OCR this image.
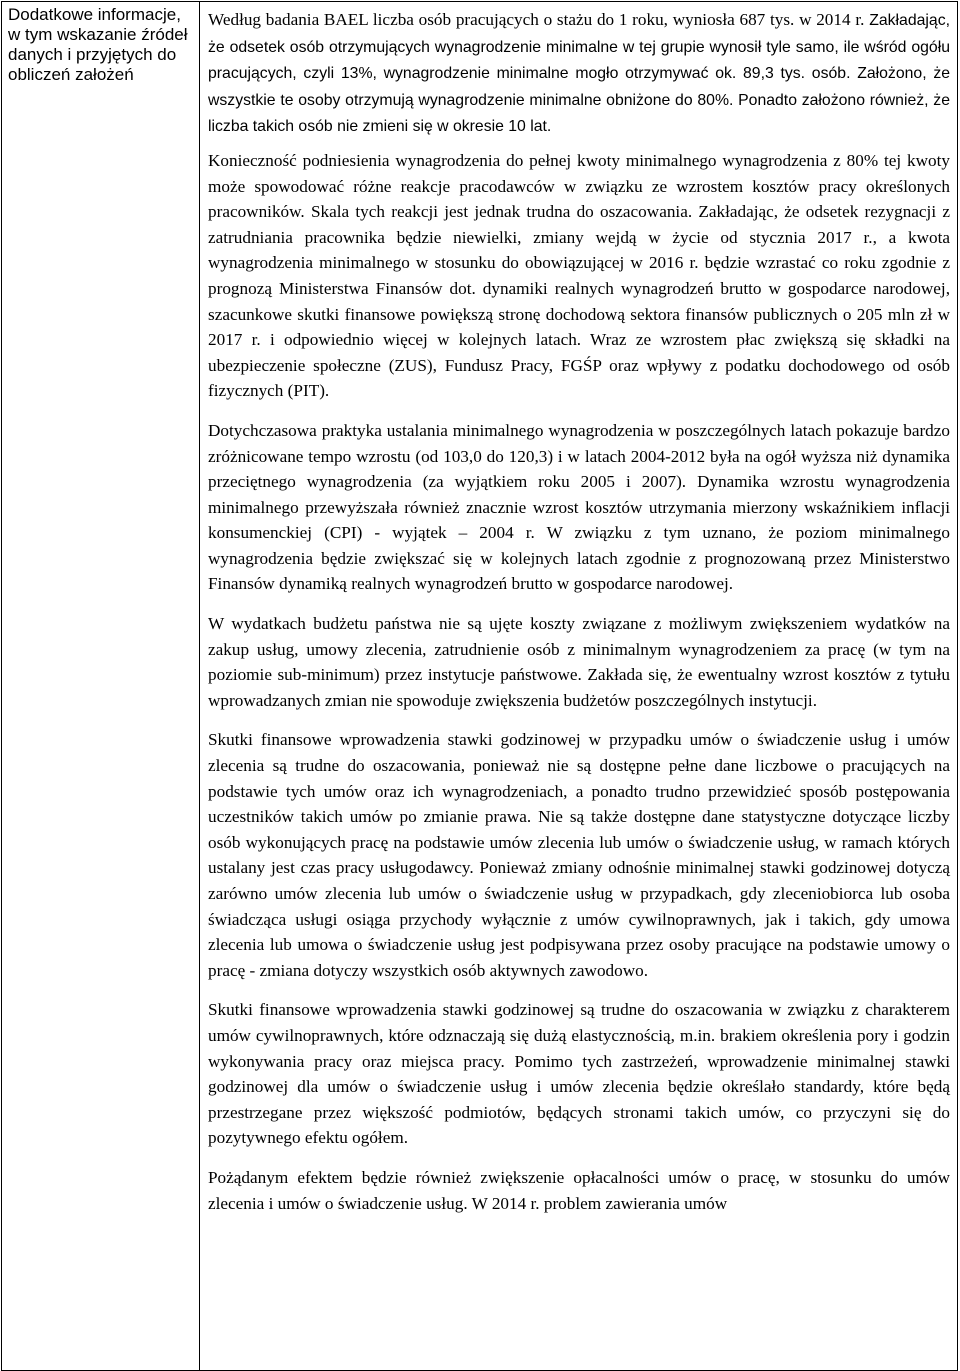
Dodatkowe informacje, w tym wskazanie źródeł danych i przyjętych do obliczeń założeń

Według badania BAEL liczba osób pracujących o stażu do 1 roku, wyniosła 687 tys. w 2014 r. Zakładając, że odsetek osób otrzymujących wynagrodzenie minimalne w tej grupie wynosił tyle samo, ile wśród ogółu pracujących, czyli 13%, wynagrodzenie minimalne mogło otrzymywać ok. 89,3 tys. osób. Założono, że wszystkie te osoby otrzymują wynagrodzenie minimalne obniżone do 80%. Ponadto założono również, że liczba takich osób nie zmieni się w okresie 10 lat.

Konieczność podniesienia wynagrodzenia do pełnej kwoty minimalnego wynagrodzenia z 80% tej kwoty może spowodować różne reakcje pracodawców w związku ze wzrostem kosztów pracy określonych pracowników. Skala tych reakcji jest jednak trudna do oszacowania. Zakładając, że odsetek rezygnacji z zatrudniania pracownika będzie niewielki, zmiany wejdą w życie od stycznia 2017 r., a kwota wynagrodzenia minimalnego w stosunku do obowiązującej w 2016 r. będzie wzrastać co roku zgodnie z prognozą Ministerstwa Finansów dot. dynamiki realnych wynagrodzeń brutto w gospodarce narodowej, szacunkowe skutki finansowe powiększą stronę dochodową sektora finansów publicznych o 205 mln zł w 2017 r. i odpowiednio więcej w kolejnych latach. Wraz ze wzrostem płac zwiększą się składki na ubezpieczenie społeczne (ZUS), Fundusz Pracy, FGŚP oraz wpływy z podatku dochodowego od osób fizycznych (PIT).

Dotychczasowa praktyka ustalania minimalnego wynagrodzenia w poszczególnych latach pokazuje bardzo zróżnicowane tempo wzrostu (od 103,0 do 120,3) i w latach 2004-2012 była na ogół wyższa niż dynamika przeciętnego wynagrodzenia (za wyjątkiem roku 2005 i 2007). Dynamika wzrostu wynagrodzenia minimalnego przewyższała również znacznie wzrost kosztów utrzymania mierzony wskaźnikiem inflacji konsumenckiej (CPI) - wyjątek – 2004 r. W związku z tym uznano, że poziom minimalnego wynagrodzenia będzie zwiększać się w kolejnych latach zgodnie z prognozowaną przez Ministerstwo Finansów dynamiką realnych wynagrodzeń brutto w gospodarce narodowej.

W wydatkach budżetu państwa nie są ujęte koszty związane z możliwym zwiększeniem wydatków na zakup usług, umowy zlecenia, zatrudnienie osób z minimalnym wynagrodzeniem za pracę (w tym na poziomie sub-minimum) przez instytucje państwowe. Zakłada się, że ewentualny wzrost kosztów z tytułu wprowadzanych zmian nie spowoduje zwiększenia budżetów poszczególnych instytucji.

Skutki finansowe wprowadzenia stawki godzinowej w przypadku umów o świadczenie usług i umów zlecenia są trudne do oszacowania, ponieważ nie są dostępne pełne dane liczbowe o pracujących na podstawie tych umów oraz ich wynagrodzeniach, a ponadto trudno przewidzieć sposób postępowania uczestników takich umów po zmianie prawa. Nie są także dostępne dane statystyczne dotyczące liczby osób wykonujących pracę na podstawie umów zlecenia lub umów o świadczenie usług, w ramach których ustalany jest czas pracy usługodawcy. Ponieważ zmiany odnośnie minimalnej stawki godzinowej dotyczą zarówno umów zlecenia lub umów o świadczenie usług w przypadkach, gdy zleceniobiorca lub osoba świadcząca usługi osiąga przychody wyłącznie z umów cywilnoprawnych, jak i takich, gdy umowa zlecenia lub umowa o świadczenie usług jest podpisywana przez osoby pracujące na podstawie umowy o pracę - zmiana dotyczy wszystkich osób aktywnych zawodowo.

Skutki finansowe wprowadzenia stawki godzinowej są trudne do oszacowania w związku z charakterem umów cywilnoprawnych, które odznaczają się dużą elastycznością, m.in. brakiem określenia pory i godzin wykonywania pracy oraz miejsca pracy. Pomimo tych zastrzeżeń, wprowadzenie minimalnej stawki godzinowej dla umów o świadczenie usług i umów zlecenia będzie określało standardy, które będą przestrzegane przez większość podmiotów, będących stronami takich umów, co przyczyni się do pozytywnego efektu ogółem.

Pożądanym efektem będzie również zwiększenie opłacalności umów o pracę, w stosunku do umów zlecenia i umów o świadczenie usług. W 2014 r. problem zawierania umów
